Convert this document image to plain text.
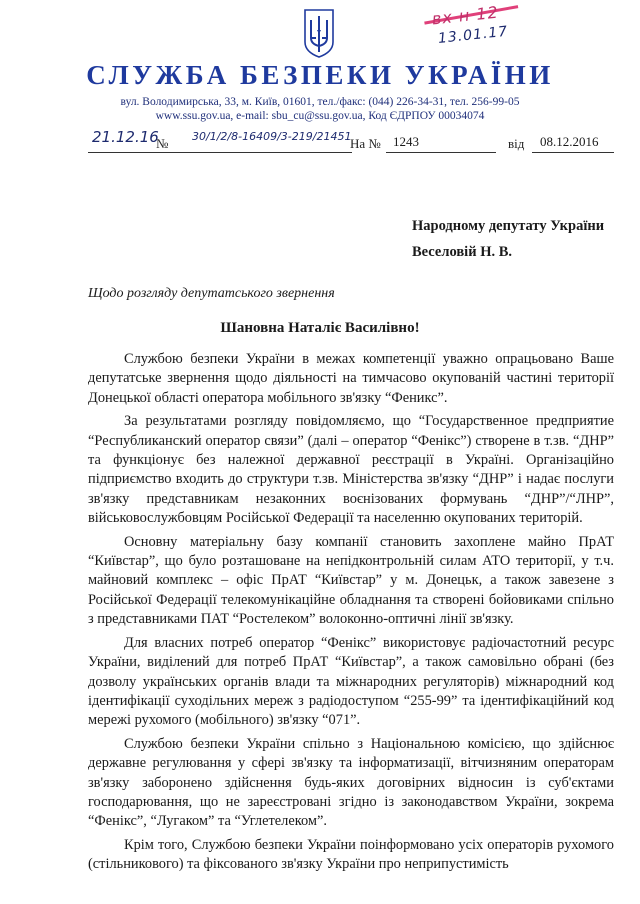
вх н 12
13.01.17
СЛУЖБА БЕЗПЕКИ УКРАЇНИ
вул. Володимирська, 33, м. Київ, 01601, тел./факс: (044) 226-34-31, тел. 256-99-05
www.ssu.gov.ua, e-mail: sbu_cu@ssu.gov.ua, Код ЄДРПОУ 00034074
21.12.16
№ 30/1/2/8-16409/3-219/21451
На № 1243	від 08.12.2016
Народному депутату України
Веселовій Н. В.
Щодо розгляду депутатського звернення
Шановна Наталіє Василівно!

Службою безпеки України в межах компетенції уважно опрацьовано Ваше депутатське звернення щодо діяльності на тимчасово окупованій частині території Донецької області оператора мобільного зв'язку “Феникс”.

За результатами розгляду повідомляємо, що “Государственное предприятие “Республиканский оператор связи” (далі – оператор “Фенікс”) створене в т.зв. “ДНР” та функціонує без належної державної реєстрації в Україні. Організаційно підприємство входить до структури т.зв. Міністерства зв'язку “ДНР” і надає послуги зв'язку представникам незаконних воєнізованих формувань “ДНР”/“ЛНР”, військовослужбовцям Російської Федерації та населенню окупованих територій.

Основну матеріальну базу компанії становить захоплене майно ПрАТ “Київстар”, що було розташоване на непідконтрольній силам АТО території, у т.ч. майновий комплекс – офіс ПрАТ “Київстар” у м. Донецьк, а також завезене з Російської Федерації телекомунікаційне обладнання та створені бойовиками спільно з представниками ПАТ “Ростелеком” волоконно-оптичні лінії зв'язку.

Для власних потреб оператор “Фенікс” використовує радіочастотний ресурс України, виділений для потреб ПрАТ “Київстар”, а також самовільно обрані (без дозволу українських органів влади та міжнародних регуляторів) міжнародний код ідентифікації суходільних мереж з радіодоступом “255-99” та ідентифікаційний код мережі рухомого (мобільного) зв'язку “071”.

Службою безпеки України спільно з Національною комісією, що здійснює державне регулювання у сфері зв'язку та інформатизації, вітчизняним операторам зв'язку заборонено здійснення будь-яких договірних відносин із суб'єктами господарювання, що не зареєстровані згідно із законодавством України, зокрема “Фенікс”, “Лугаком” та “Углетелеком”.

Крім того, Службою безпеки України поінформовано усіх операторів рухомого (стільникового) та фіксованого зв'язку України про неприпустимість
